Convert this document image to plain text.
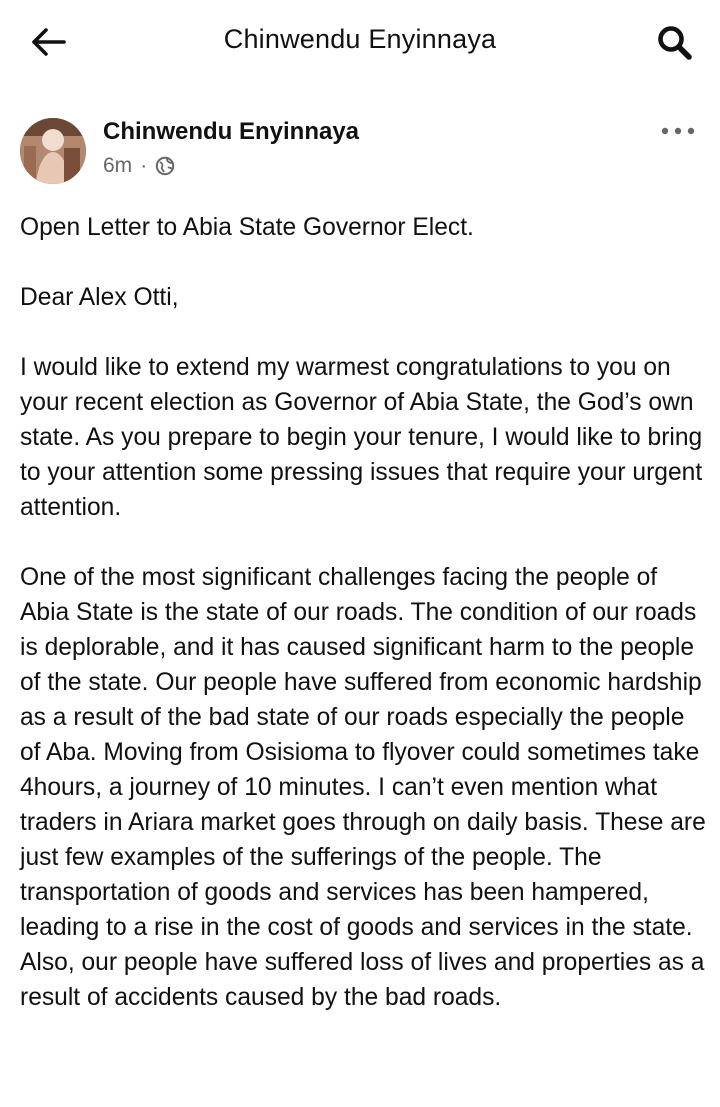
Chinwendu Enyinnaya
Chinwendu Enyinnaya
6m ·

Open Letter to Abia State Governor Elect.

Dear Alex Otti,

I would like to extend my warmest congratulations to you on your recent election as Governor of Abia State, the God’s own state. As you prepare to begin your tenure, I would like to bring to your attention some pressing issues that require your urgent attention.

One of the most significant challenges facing the people of Abia State is the state of our roads. The condition of our roads is deplorable, and it has caused significant harm to the people of the state. Our people have suffered from economic hardship as a result of the bad state of our roads especially the people of Aba. Moving from Osisioma to flyover could sometimes take 4hours, a journey of 10 minutes. I can’t even mention what traders in Ariara market goes through on daily basis. These are just few examples of the sufferings of the people. The transportation of goods and services has been hampered, leading to a rise in the cost of goods and services in the state. Also, our people have suffered loss of lives and properties as a result of accidents caused by the bad roads.
